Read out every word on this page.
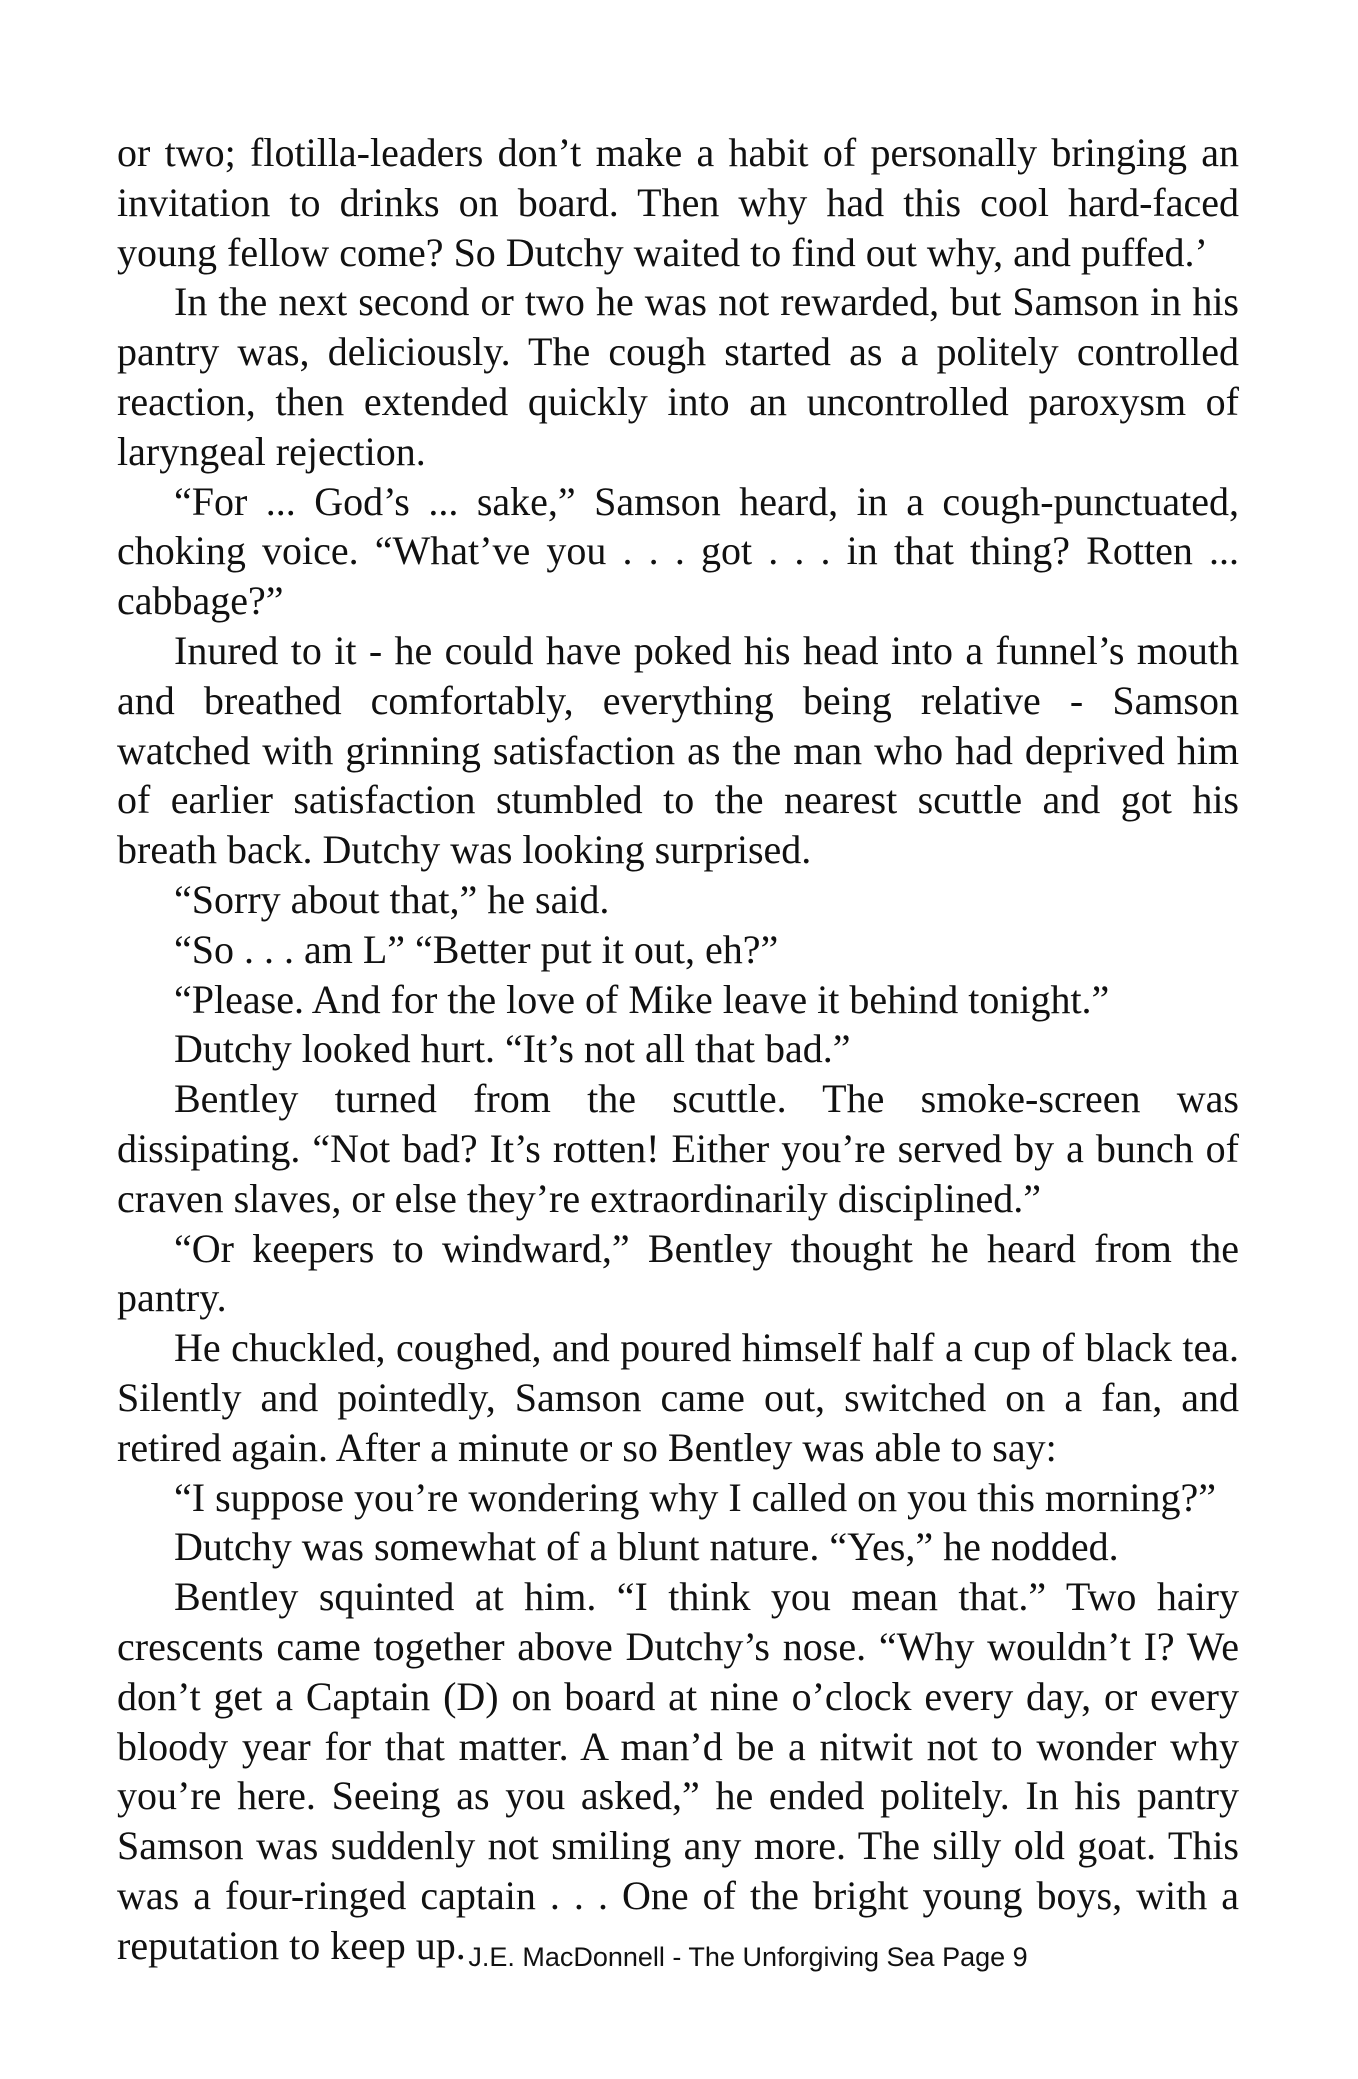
or two; flotilla-leaders don’t make a habit of personally bringing an invitation to drinks on board. Then why had this cool hard-faced young fellow come? So Dutchy waited to find out why, and puffed.’

In the next second or two he was not rewarded, but Samson in his pantry was, deliciously. The cough started as a politely controlled reaction, then extended quickly into an uncontrolled paroxysm of laryngeal rejection.

“For ... God’s ... sake,” Samson heard, in a cough-punctuated, choking voice. “What’ve you . . . got . . . in that thing? Rotten ... cabbage?”

Inured to it - he could have poked his head into a funnel’s mouth and breathed comfortably, everything being relative - Samson watched with grinning satisfaction as the man who had deprived him of earlier satisfaction stumbled to the nearest scuttle and got his breath back. Dutchy was looking surprised.

“Sorry about that,” he said.

“So . . . am L” “Better put it out, eh?”

“Please. And for the love of Mike leave it behind tonight.”

Dutchy looked hurt. “It’s not all that bad.”

Bentley turned from the scuttle. The smoke-screen was dissipating. “Not bad? It’s rotten! Either you’re served by a bunch of craven slaves, or else they’re extraordinarily disciplined.”

“Or keepers to windward,” Bentley thought he heard from the pantry.

He chuckled, coughed, and poured himself half a cup of black tea. Silently and pointedly, Samson came out, switched on a fan, and retired again. After a minute or so Bentley was able to say:

“I suppose you’re wondering why I called on you this morning?”

Dutchy was somewhat of a blunt nature. “Yes,” he nodded.

Bentley squinted at him. “I think you mean that.” Two hairy crescents came together above Dutchy’s nose. “Why wouldn’t I? We don’t get a Captain (D) on board at nine o’clock every day, or every bloody year for that matter. A man’d be a nitwit not to wonder why you’re here. Seeing as you asked,” he ended politely. In his pantry Samson was suddenly not smiling any more. The silly old goat. This was a four-ringed captain . . . One of the bright young boys, with a reputation to keep up. J.E. MacDonnell - The Unforgiving Sea Page 9
